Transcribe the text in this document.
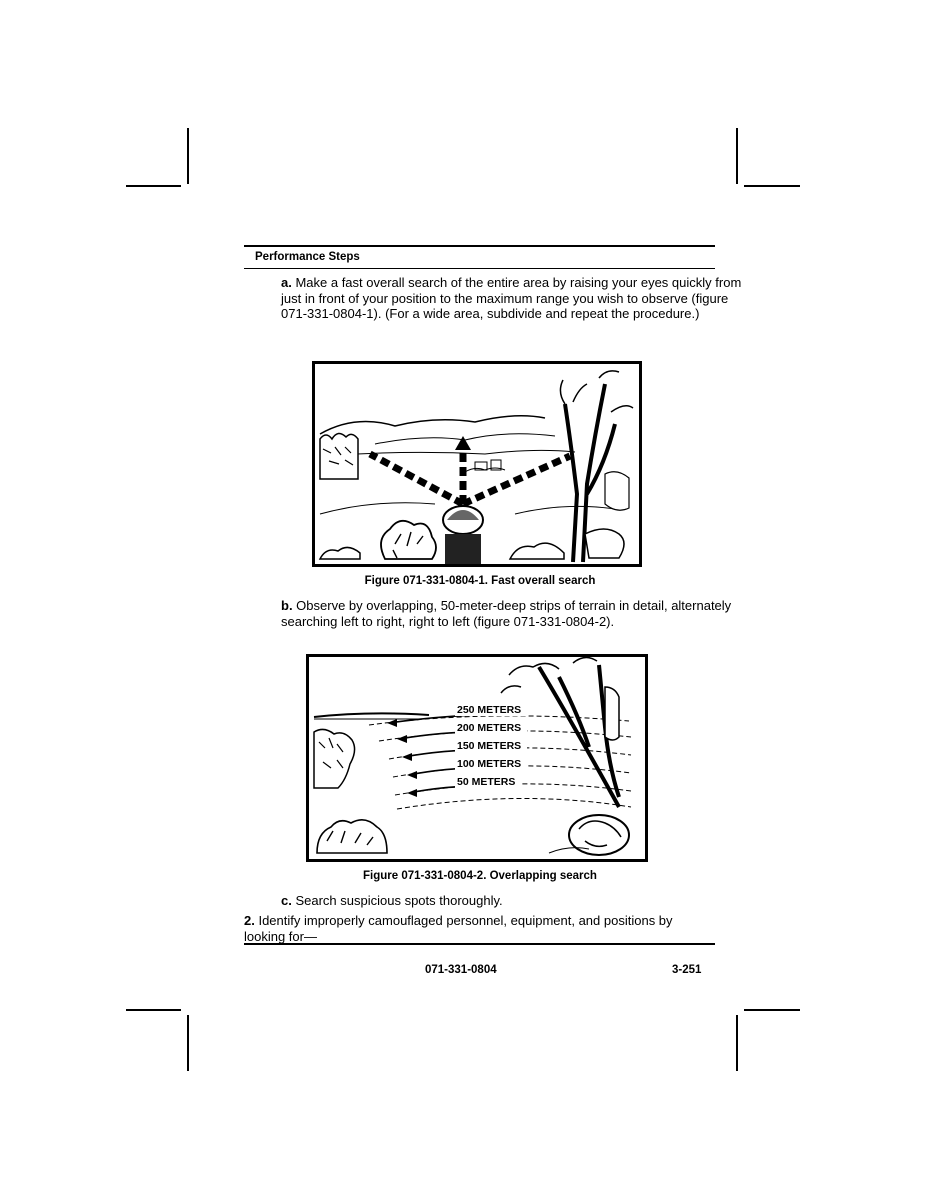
Performance Steps

a. Make a fast overall search of the entire area by raising your eyes quickly from just in front of your position to the maximum range you wish to observe (figure 071-331-0804-1). (For a wide area, subdivide and repeat the procedure.)

Figure 071-331-0804-1. Fast overall search

b. Observe by overlapping, 50-meter-deep strips of terrain in detail, alternately searching left to right, right to left (figure 071-331-0804-2).

250 METERS
200 METERS
150 METERS
100 METERS
50 METERS
Figure 071-331-0804-2. Overlapping search

c. Search suspicious spots thoroughly.

2. Identify improperly camouflaged personnel, equipment, and positions by looking for—

071-331-0804	3-251
